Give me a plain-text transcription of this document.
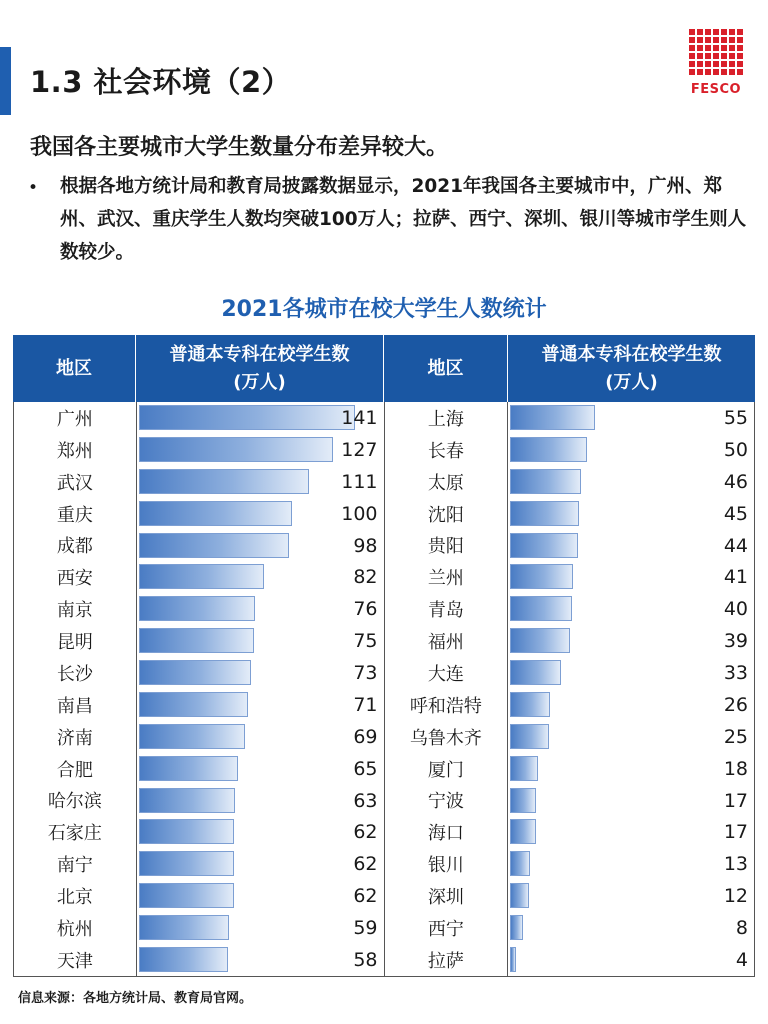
1.3 社会环境（2）	FESCO
我国各主要城市大学生数量分布差异较大。
• 根据各地方统计局和教育局披露数据显示，2021年我国各主要城市中，广州、郑州、武汉、重庆学生人数均突破100万人；拉萨、西宁、深圳、银川等城市学生则人数较少。
2021各城市在校大学生人数统计
地区
普通本专科在校学生数
(万人)
地区
普通本专科在校学生数
(万人)
广州
郑州
武汉
重庆
成都
西安
南京
昆明
长沙
南昌
济南
合肥
哈尔滨
石家庄
南宁
北京
杭州
天津
141
127
111
100
98
82
76
75
73
71
69
65
63
62
62
62
59
58
上海
长春
太原
沈阳
贵阳
兰州
青岛
福州
大连
呼和浩特
乌鲁木齐
厦门
宁波
海口
银川
深圳
西宁
拉萨
55
50
46
45
44
41
40
39
33
26
25
18
17
17
13
12
8
4
信息来源：各地方统计局、教育局官网。
